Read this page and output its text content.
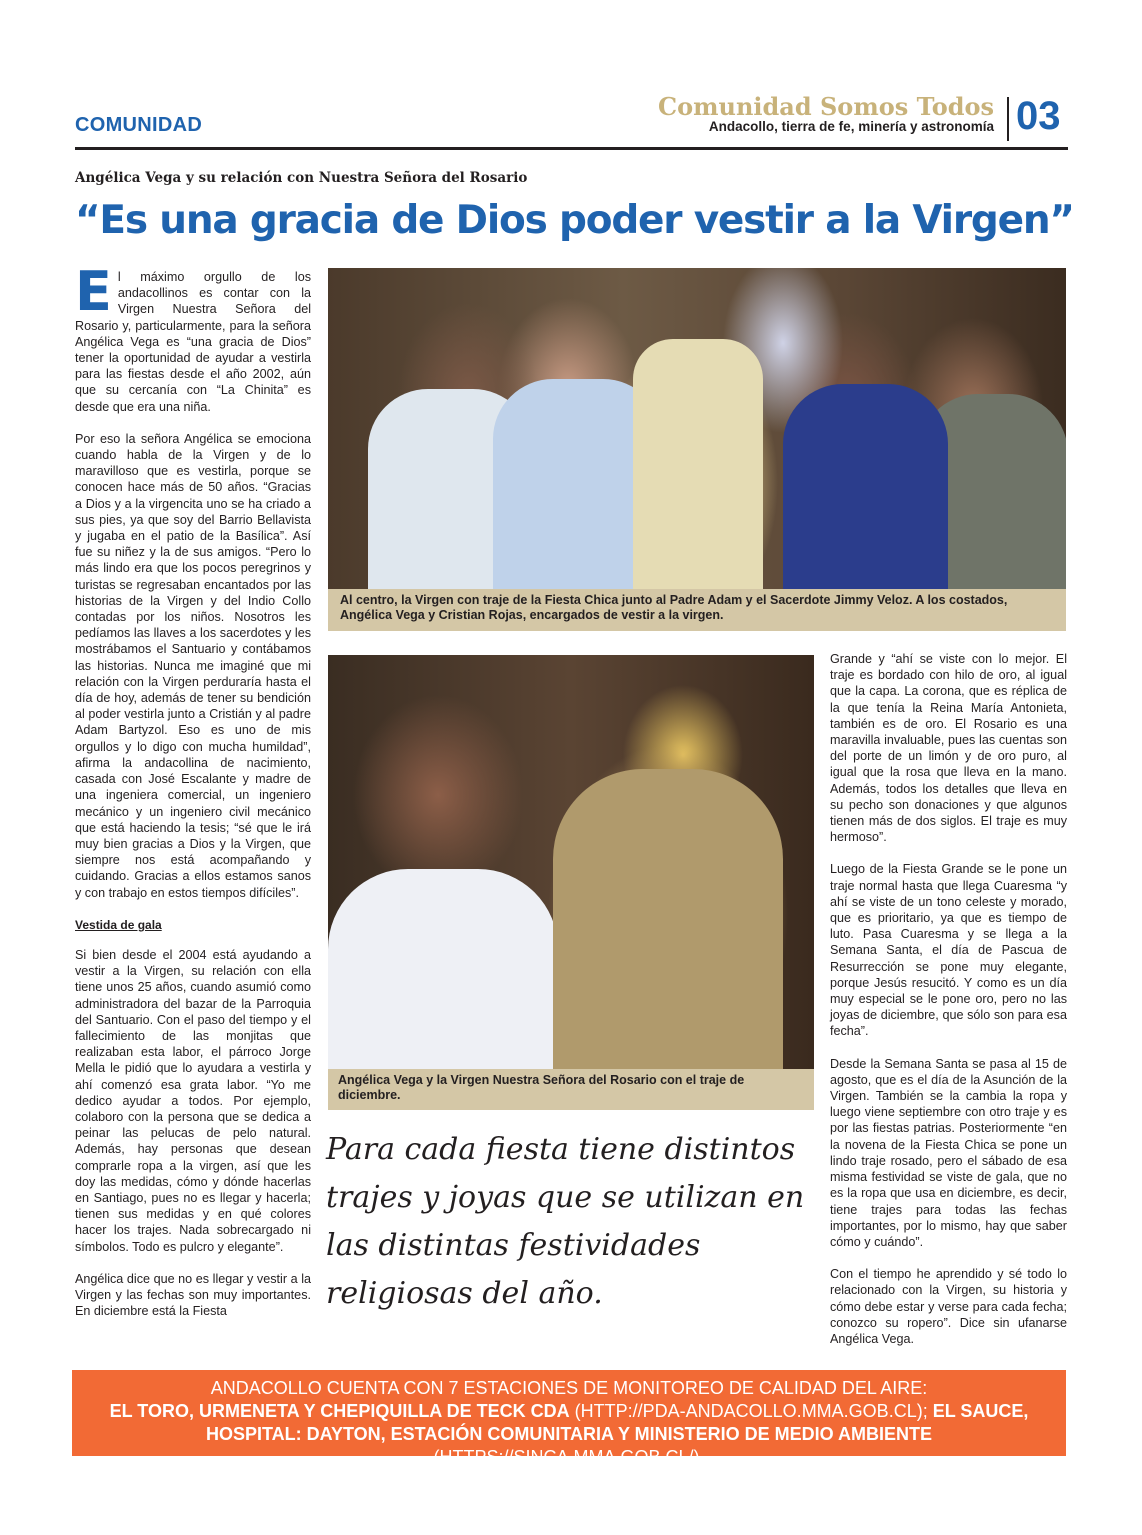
COMUNIDAD
Comunidad Somos Todos
Andacollo, tierra de fe, minería y astronomía 03
Angélica Vega y su relación con Nuestra Señora del Rosario
“Es una gracia de Dios poder vestir a la Virgen”

El máximo orgullo de los andacollinos es contar con la Virgen Nuestra Señora del Rosario y, particularmente, para la señora Angélica Vega es “una gracia de Dios” tener la oportunidad de ayudar a vestirla para las fiestas desde el año 2002, aún que su cercanía con “La Chinita” es desde que era una niña.

Por eso la señora Angélica se emociona cuando habla de la Virgen y de lo maravilloso que es vestirla, porque se conocen hace más de 50 años. “Gracias a Dios y a la virgencita uno se ha criado a sus pies, ya que soy del Barrio Bellavista y jugaba en el patio de la Basílica”. Así fue su niñez y la de sus amigos. “Pero lo más lindo era que los pocos peregrinos y turistas se regresaban encantados por las historias de la Virgen y del Indio Collo contadas por los niños. Nosotros les pedíamos las llaves a los sacerdotes y les mostrábamos el Santuario y contábamos las historias. Nunca me imaginé que mi relación con la Virgen perduraría hasta el día de hoy, además de tener su bendición al poder vestirla junto a Cristián y al padre Adam Bartyzol. Eso es uno de mis orgullos y lo digo con mucha humildad”, afirma la andacollina de nacimiento, casada con José Escalante y madre de una ingeniera comercial, un ingeniero mecánico y un ingeniero civil mecánico que está haciendo la tesis; “sé que le irá muy bien gracias a Dios y la Virgen, que siempre nos está acompañando y cuidando. Gracias a ellos estamos sanos y con trabajo en estos tiempos difíciles”.

Vestida de gala

Si bien desde el 2004 está ayudando a vestir a la Virgen, su relación con ella tiene unos 25 años, cuando asumió como administradora del bazar de la Parroquia del Santuario. Con el paso del tiempo y el fallecimiento de las monjitas que realizaban esta labor, el párroco Jorge Mella le pidió que lo ayudara a vestirla y ahí comenzó esa grata labor. “Yo me dedico ayudar a todos. Por ejemplo, colaboro con la persona que se dedica a peinar las pelucas de pelo natural. Además, hay personas que desean comprarle ropa a la virgen, así que les doy las medidas, cómo y dónde hacerlas en Santiago, pues no es llegar y hacerla; tienen sus medidas y en qué colores hacer los trajes. Nada sobrecargado ni símbolos. Todo es pulcro y elegante”.

Angélica dice que no es llegar y vestir a la Virgen y las fechas son muy importantes. En diciembre está la Fiesta

Al centro, la Virgen con traje de la Fiesta Chica junto al Padre Adam y el Sacerdote Jimmy Veloz. A los costados, Angélica Vega y Cristian Rojas, encargados de vestir a la virgen.
Angélica Vega y la Virgen Nuestra Señora del Rosario con el traje de diciembre.
Para cada fiesta tiene distintos trajes y joyas que se utilizan en las distintas festividades religiosas del año.

Grande y “ahí se viste con lo mejor. El traje es bordado con hilo de oro, al igual que la capa. La corona, que es réplica de la que tenía la Reina María Antonieta, también es de oro. El Rosario es una maravilla invaluable, pues las cuentas son del porte de un limón y de oro puro, al igual que la rosa que lleva en la mano. Además, todos los detalles que lleva en su pecho son donaciones y que algunos tienen más de dos siglos. El traje es muy hermoso”.

Luego de la Fiesta Grande se le pone un traje normal hasta que llega Cuaresma “y ahí se viste de un tono celeste y morado, que es prioritario, ya que es tiempo de luto. Pasa Cuaresma y se llega a la Semana Santa, el día de Pascua de Resurrección se pone muy elegante, porque Jesús resucitó. Y como es un día muy especial se le pone oro, pero no las joyas de diciembre, que sólo son para esa fecha”.

Desde la Semana Santa se pasa al 15 de agosto, que es el día de la Asunción de la Virgen. También se la cambia la ropa y luego viene septiembre con otro traje y es por las fiestas patrias. Posteriormente “en la novena de la Fiesta Chica se pone un lindo traje rosado, pero el sábado de esa misma festividad se viste de gala, que no es la ropa que usa en diciembre, es decir, tiene trajes para todas las fechas importantes, por lo mismo, hay que saber cómo y cuándo”.

Con el tiempo he aprendido y sé todo lo relacionado con la Virgen, su historia y cómo debe estar y verse para cada fecha; conozco su ropero”. Dice sin ufanarse Angélica Vega.

ANDACOLLO CUENTA CON 7 ESTACIONES DE MONITOREO DE CALIDAD DEL AIRE:
EL TORO, URMENETA Y CHEPIQUILLA DE TECK CDA (HTTP://PDA-ANDACOLLO.MMA.GOB.CL); EL SAUCE,
HOSPITAL: DAYTON, ESTACIÓN COMUNITARIA Y MINISTERIO DE MEDIO AMBIENTE (HTTPS://SINCA.MMA.GOB.CL/).
